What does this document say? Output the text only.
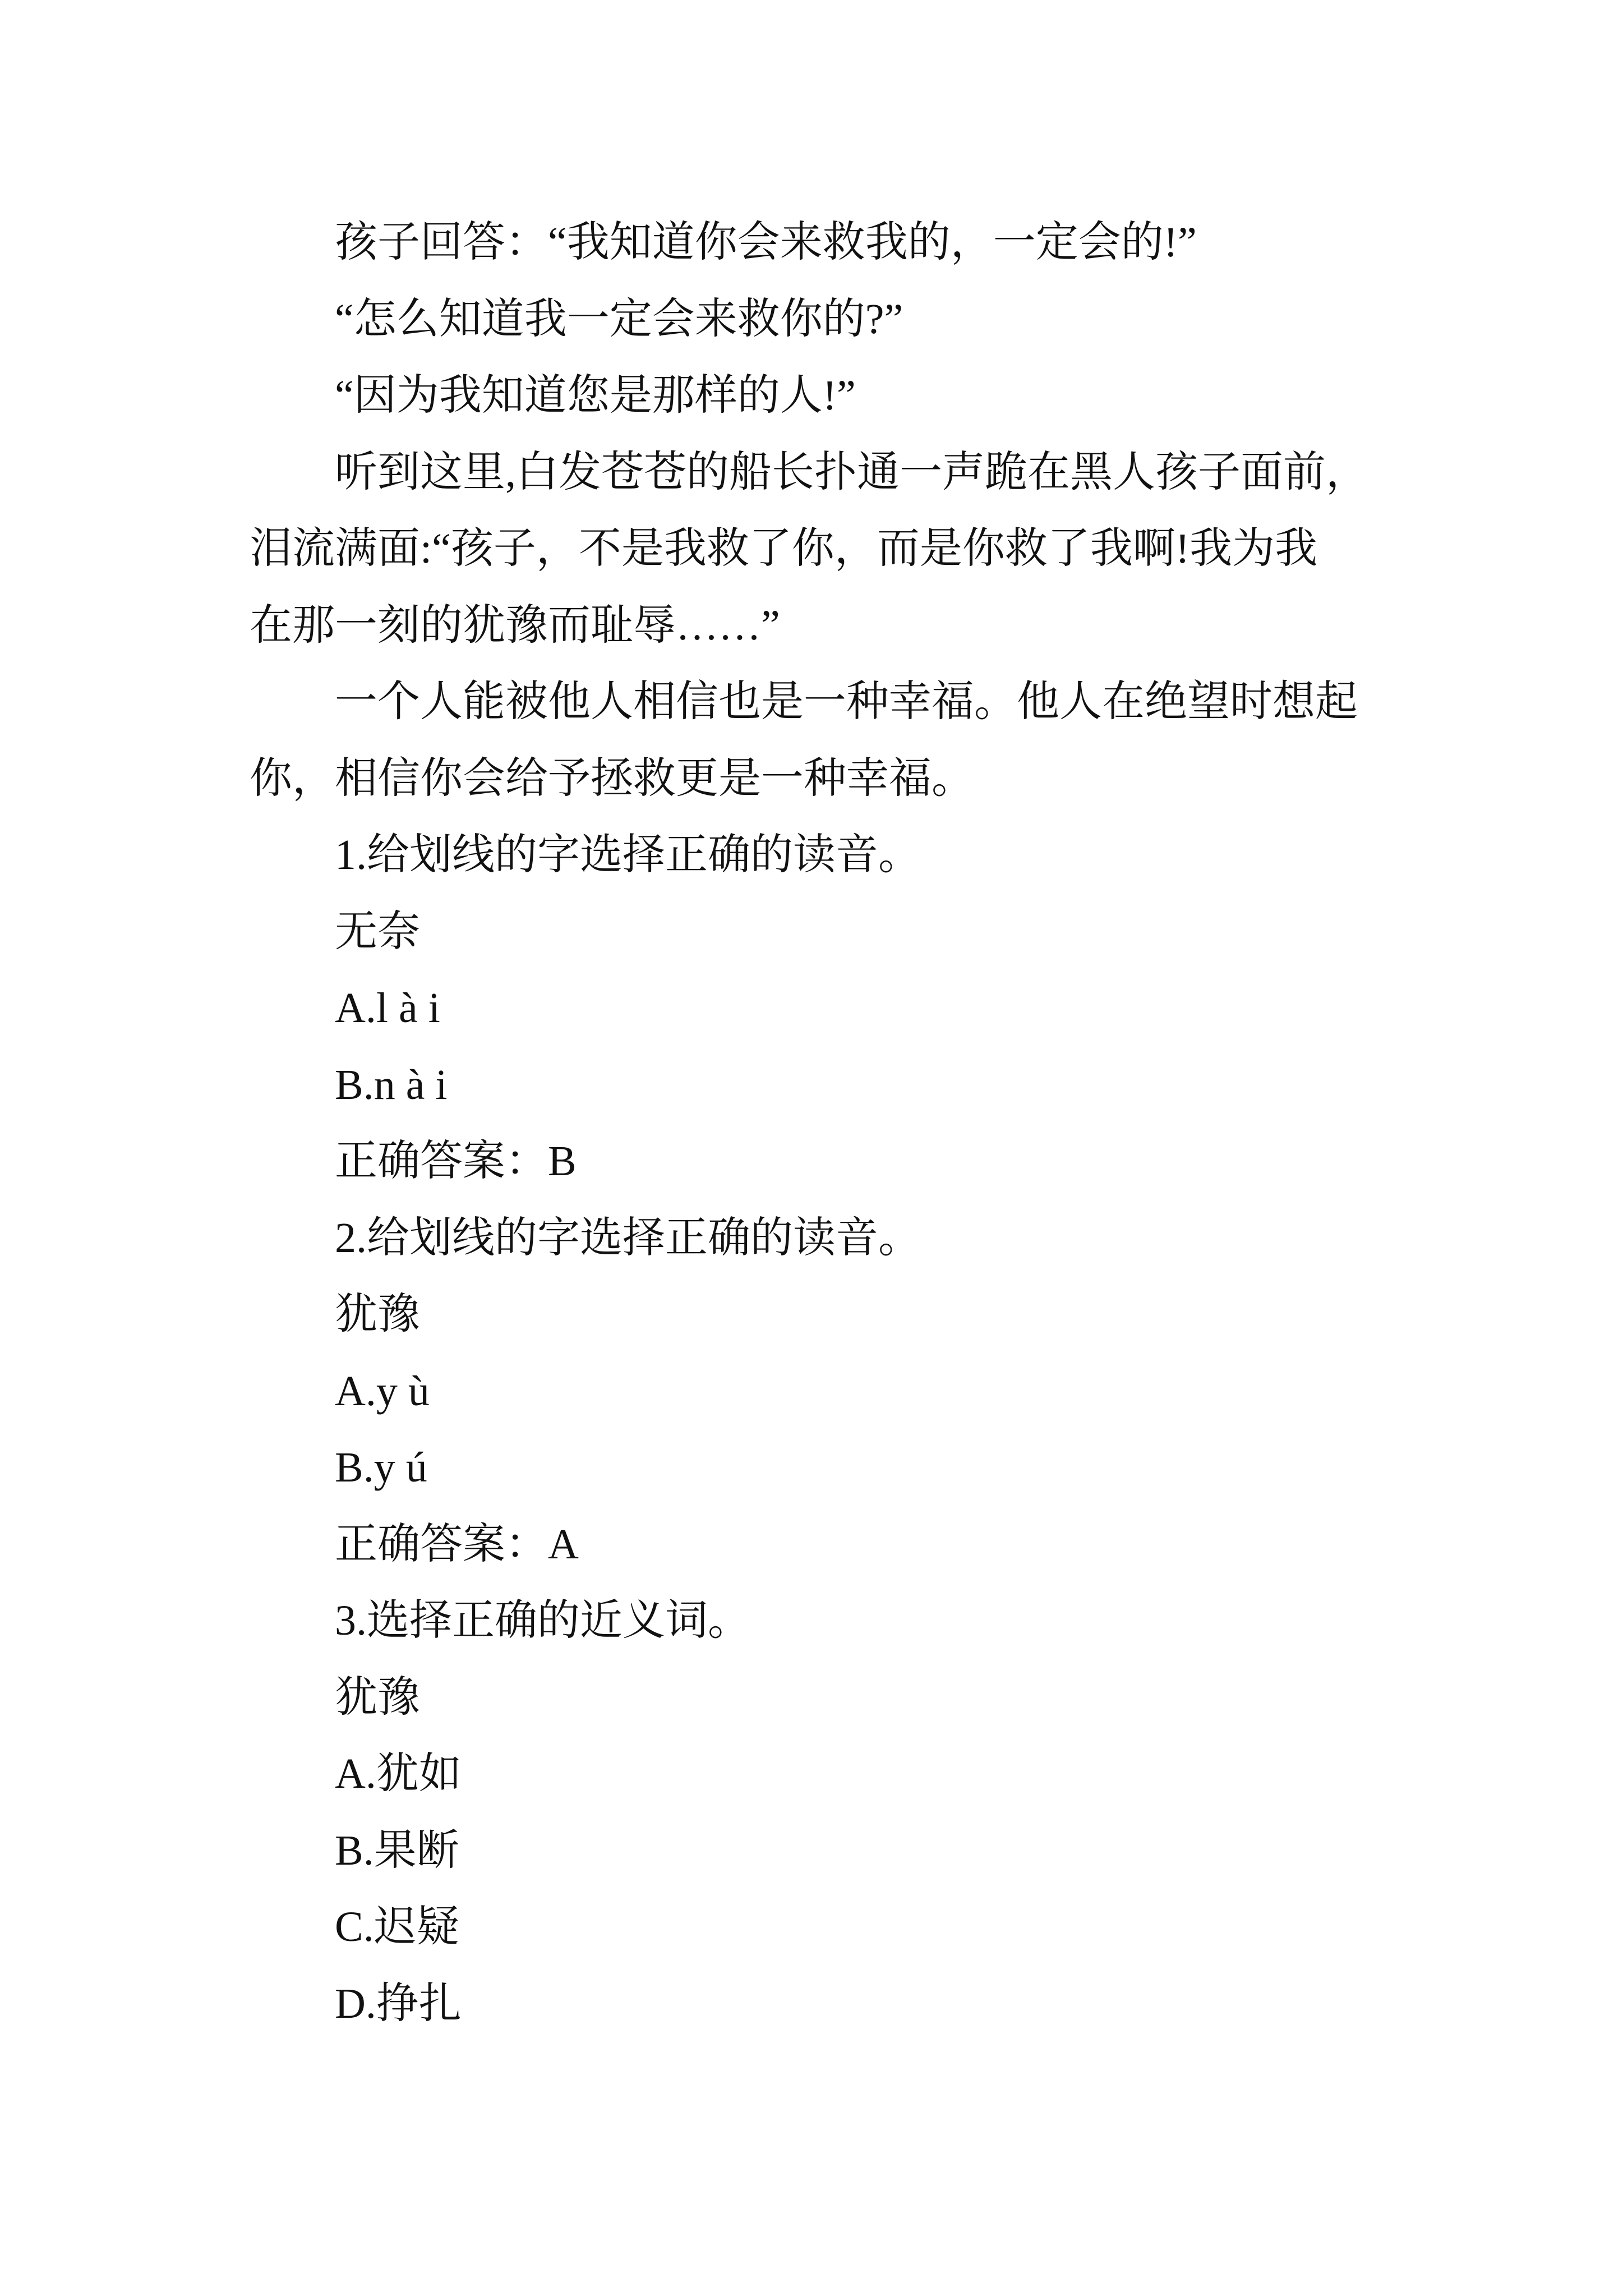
孩子回答：“我知道你会来救我的，一定会的!”
“怎么知道我一定会来救你的?”
“因为我知道您是那样的人!”
听到这里,白发苍苍的船长扑通一声跪在黑人孩子面前，
泪流满面:“孩子，不是我救了你，而是你救了我啊!我为我
在那一刻的犹豫而耻辱……”
一个人能被他人相信也是一种幸福。他人在绝望时想起
你，相信你会给予拯救更是一种幸福。
1.给划线的字选择正确的读音。
无奈
A.l à i
B.n à i
正确答案：B
2.给划线的字选择正确的读音。
犹豫
A.y ù
B.y ú
正确答案：A
3.选择正确的近义词。
犹豫
A.犹如
B.果断
C.迟疑
D.挣扎
